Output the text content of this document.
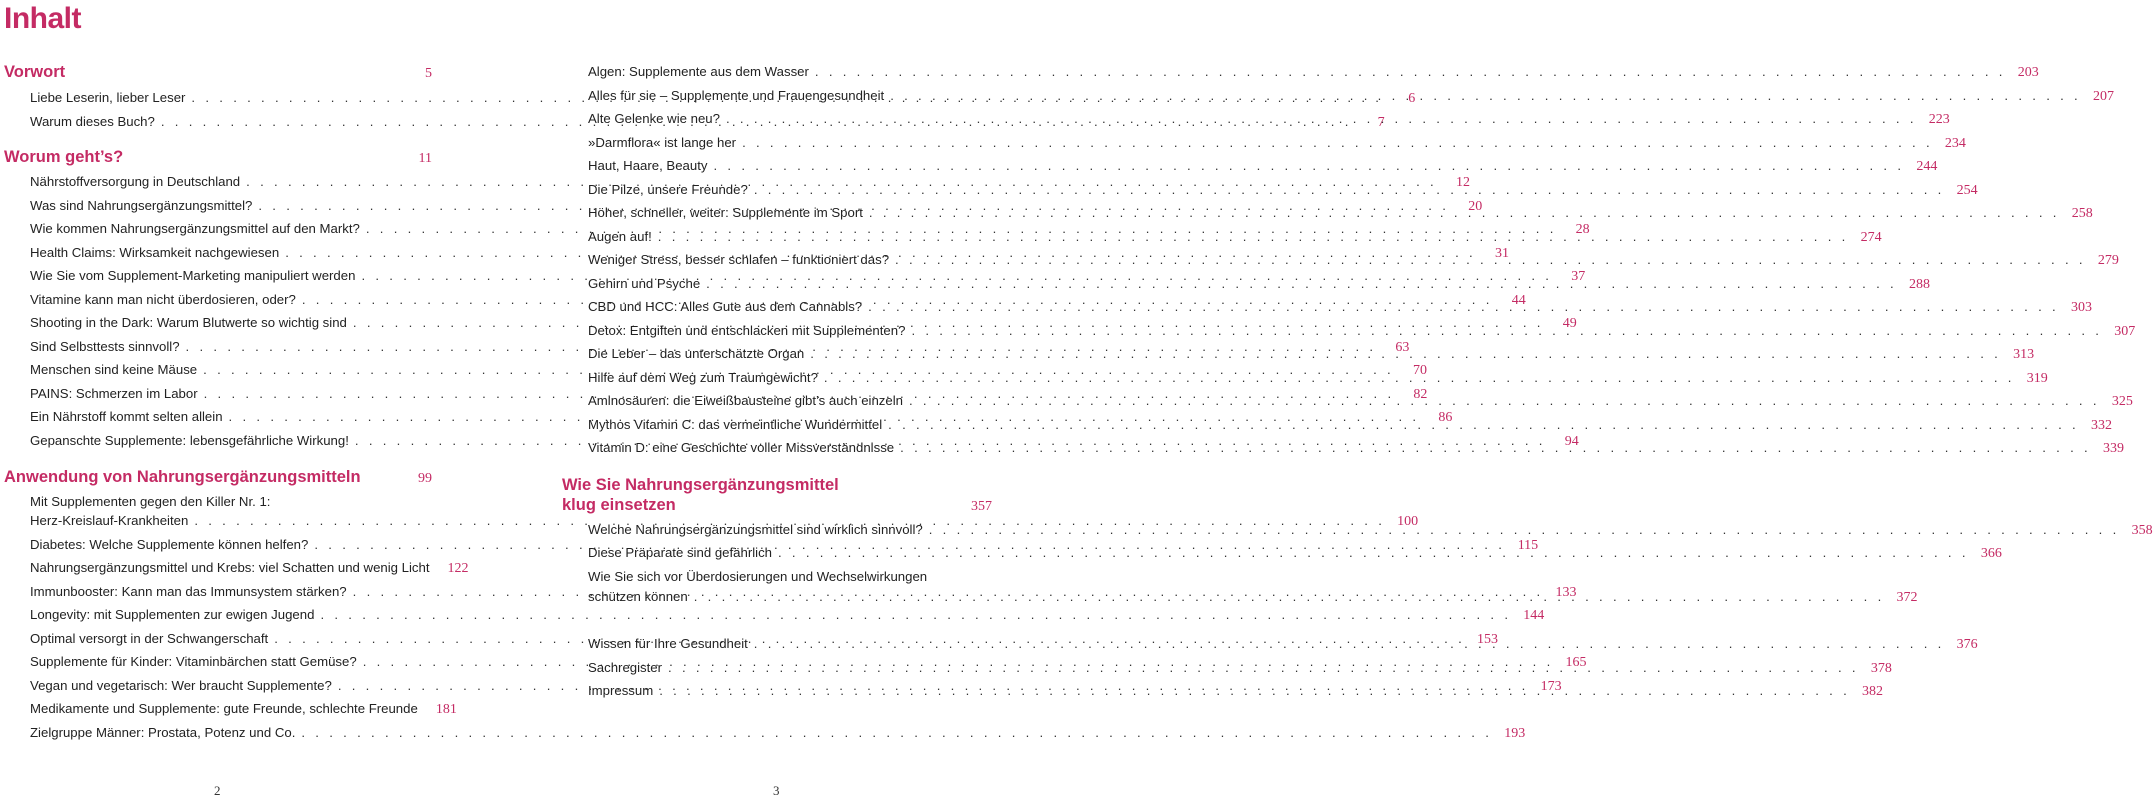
Inhalt
Vorwort	5
Liebe Leserin, lieber Leser . . .	6
Warum dieses Buch? . . .	7
Worum geht’s?	11
Nährstoffversorgung in Deutschland . . .	12
Was sind Nahrungsergänzungsmittel? . . .	20
Wie kommen Nahrungsergänzungsmittel auf den Markt? . . .	28
Health Claims: Wirksamkeit nachgewiesen . . .	31
Wie Sie vom Supplement-Marketing manipuliert werden . . .	37
Vitamine kann man nicht überdosieren, oder? . . .	44
Shooting in the Dark: Warum Blutwerte so wichtig sind . . .	49
Sind Selbsttests sinnvoll? . . .	63
Menschen sind keine Mäuse . . .	70
PAINS: Schmerzen im Labor . . .	82
Ein Nährstoff kommt selten allein . . .	86
Gepanschte Supplemente: lebensgefährliche Wirkung! . . .	94
Anwendung von Nahrungsergänzungsmitteln	99
Mit Supplementen gegen den Killer Nr. 1:
Herz-Kreislauf-Krankheiten . . .	100
Diabetes: Welche Supplemente können helfen? . . .	115
Nahrungsergänzungsmittel und Krebs: viel Schatten und wenig Licht	122
Immunbooster: Kann man das Immunsystem stärken? . . .	133
Longevity: mit Supplementen zur ewigen Jugend . . .	144
Optimal versorgt in der Schwangerschaft . . .	153
Supplemente für Kinder: Vitaminbärchen statt Gemüse? . . .	165
Vegan und vegetarisch: Wer braucht Supplemente? . . .	173
Medikamente und Supplemente: gute Freunde, schlechte Freunde	181
Zielgruppe Männer: Prostata, Potenz und Co. . . .	193
2
Algen: Supplemente aus dem Wasser . . .	203
Alles für sie – Supplemente und Frauengesundheit . . .	207
Alte Gelenke wie neu? . . .	223
»Darmflora« ist lange her . . .	234
Haut, Haare, Beauty . . .	244
Die Pilze, unsere Freunde? . . .	254
Höher, schneller, weiter: Supplemente im Sport . . .	258
Augen auf! . . .	274
Weniger Stress, besser schlafen – funktioniert das? . . .	279
Gehirn und Psyche . . .	288
CBD und HCC: Alles Gute aus dem Cannabis? . . .	303
Detox: Entgiften und entschlacken mit Supplementen? . . .	307
Die Leber – das unterschätzte Organ . . .	313
Hilfe auf dem Weg zum Traumgewicht? . . .	319
Aminosäuren: die Eiweißbausteine gibt’s auch einzeln . . .	325
Mythos Vitamin C: das vermeintliche Wundermittel . . .	332
Vitamin D: eine Geschichte voller Missverständnisse . . .	339
Wie Sie Nahrungsergänzungsmittel
klug einsetzen	357
Welche Nahrungsergänzungsmittel sind wirklich sinnvoll? . . .	358
Diese Präparate sind gefährlich . . .	366
Wie Sie sich vor Überdosierungen und Wechselwirkungen
schützen können . . .	372
Wissen für Ihre Gesundheit . . .	376
Sachregister . . .	378
Impressum . . .	382
3
